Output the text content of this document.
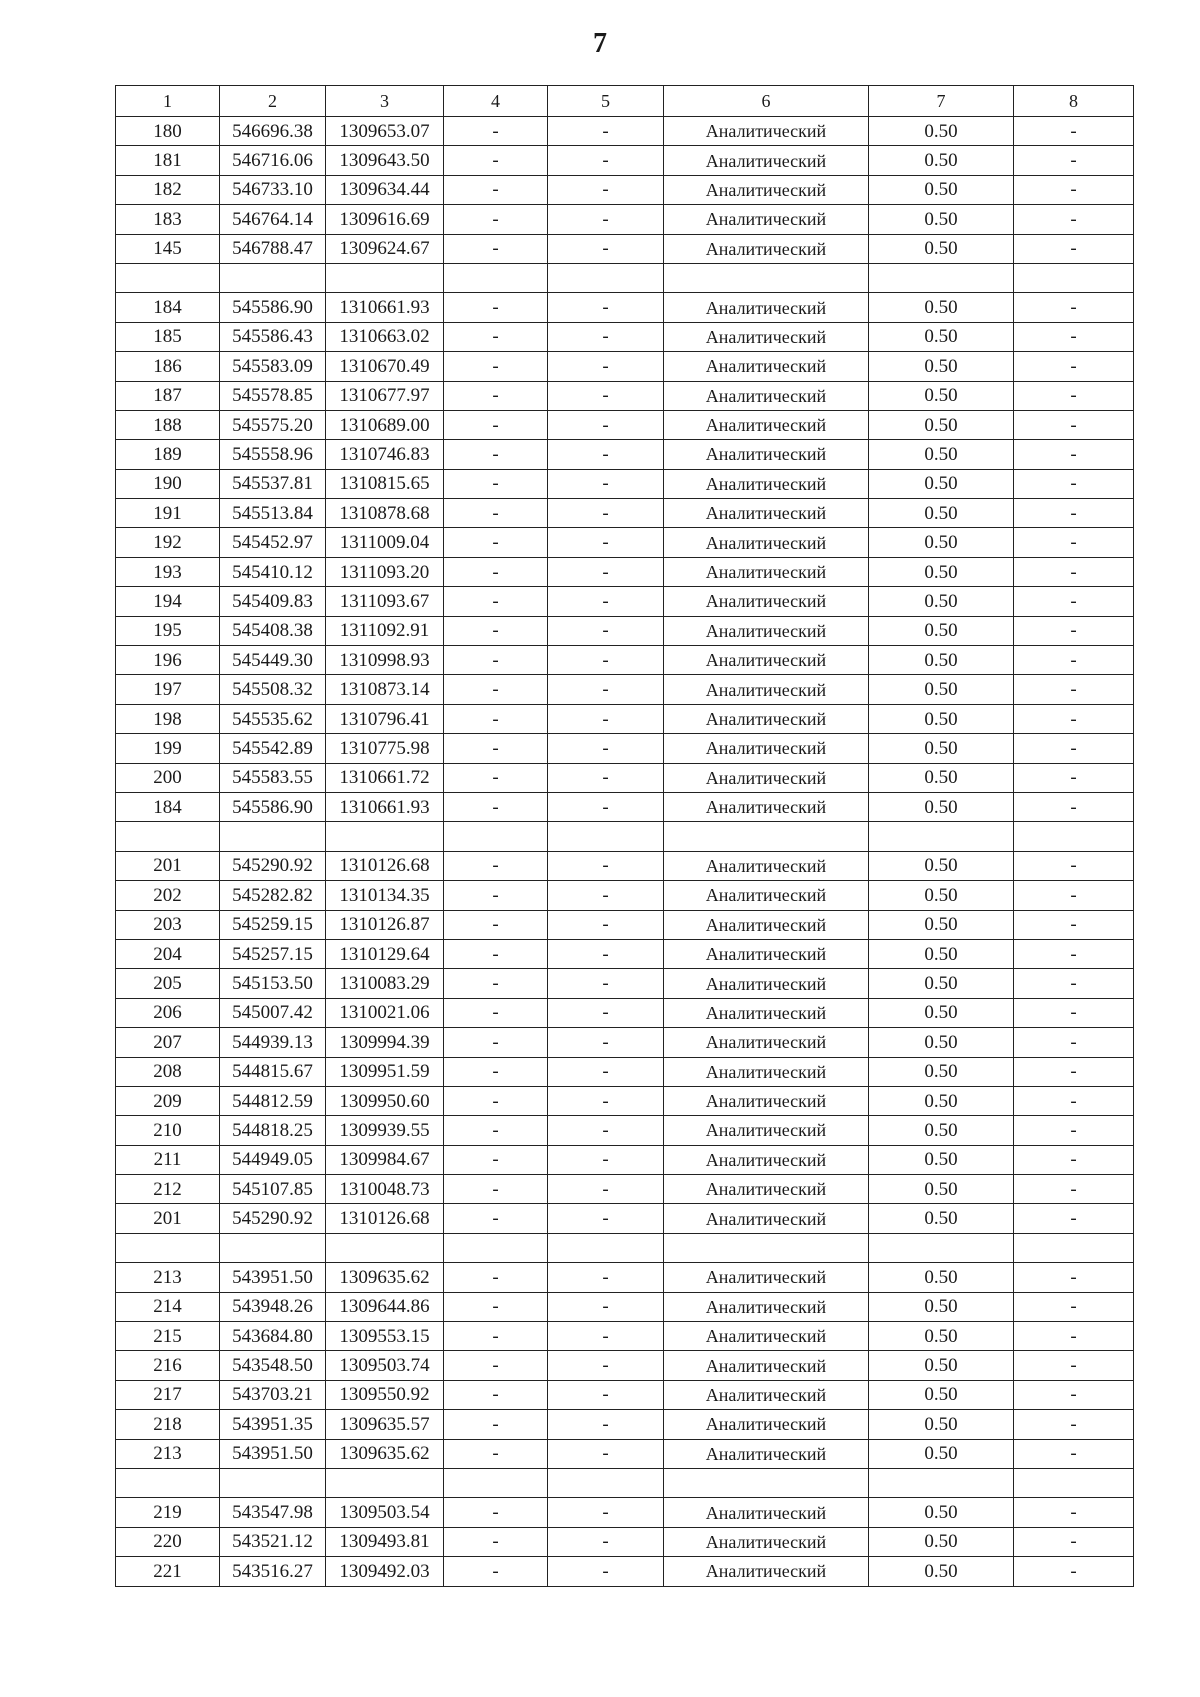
7
1	2	3	4	5	6	7	8
180	546696.38	1309653.07	-	-	Аналитический	0.50	-
181	546716.06	1309643.50	-	-	Аналитический	0.50	-
182	546733.10	1309634.44	-	-	Аналитический	0.50	-
183	546764.14	1309616.69	-	-	Аналитический	0.50	-
145	546788.47	1309624.67	-	-	Аналитический	0.50	-

184	545586.90	1310661.93	-	-	Аналитический	0.50	-
185	545586.43	1310663.02	-	-	Аналитический	0.50	-
186	545583.09	1310670.49	-	-	Аналитический	0.50	-
187	545578.85	1310677.97	-	-	Аналитический	0.50	-
188	545575.20	1310689.00	-	-	Аналитический	0.50	-
189	545558.96	1310746.83	-	-	Аналитический	0.50	-
190	545537.81	1310815.65	-	-	Аналитический	0.50	-
191	545513.84	1310878.68	-	-	Аналитический	0.50	-
192	545452.97	1311009.04	-	-	Аналитический	0.50	-
193	545410.12	1311093.20	-	-	Аналитический	0.50	-
194	545409.83	1311093.67	-	-	Аналитический	0.50	-
195	545408.38	1311092.91	-	-	Аналитический	0.50	-
196	545449.30	1310998.93	-	-	Аналитический	0.50	-
197	545508.32	1310873.14	-	-	Аналитический	0.50	-
198	545535.62	1310796.41	-	-	Аналитический	0.50	-
199	545542.89	1310775.98	-	-	Аналитический	0.50	-
200	545583.55	1310661.72	-	-	Аналитический	0.50	-
184	545586.90	1310661.93	-	-	Аналитический	0.50	-

201	545290.92	1310126.68	-	-	Аналитический	0.50	-
202	545282.82	1310134.35	-	-	Аналитический	0.50	-
203	545259.15	1310126.87	-	-	Аналитический	0.50	-
204	545257.15	1310129.64	-	-	Аналитический	0.50	-
205	545153.50	1310083.29	-	-	Аналитический	0.50	-
206	545007.42	1310021.06	-	-	Аналитический	0.50	-
207	544939.13	1309994.39	-	-	Аналитический	0.50	-
208	544815.67	1309951.59	-	-	Аналитический	0.50	-
209	544812.59	1309950.60	-	-	Аналитический	0.50	-
210	544818.25	1309939.55	-	-	Аналитический	0.50	-
211	544949.05	1309984.67	-	-	Аналитический	0.50	-
212	545107.85	1310048.73	-	-	Аналитический	0.50	-
201	545290.92	1310126.68	-	-	Аналитический	0.50	-

213	543951.50	1309635.62	-	-	Аналитический	0.50	-
214	543948.26	1309644.86	-	-	Аналитический	0.50	-
215	543684.80	1309553.15	-	-	Аналитический	0.50	-
216	543548.50	1309503.74	-	-	Аналитический	0.50	-
217	543703.21	1309550.92	-	-	Аналитический	0.50	-
218	543951.35	1309635.57	-	-	Аналитический	0.50	-
213	543951.50	1309635.62	-	-	Аналитический	0.50	-

219	543547.98	1309503.54	-	-	Аналитический	0.50	-
220	543521.12	1309493.81	-	-	Аналитический	0.50	-
221	543516.27	1309492.03	-	-	Аналитический	0.50	-
